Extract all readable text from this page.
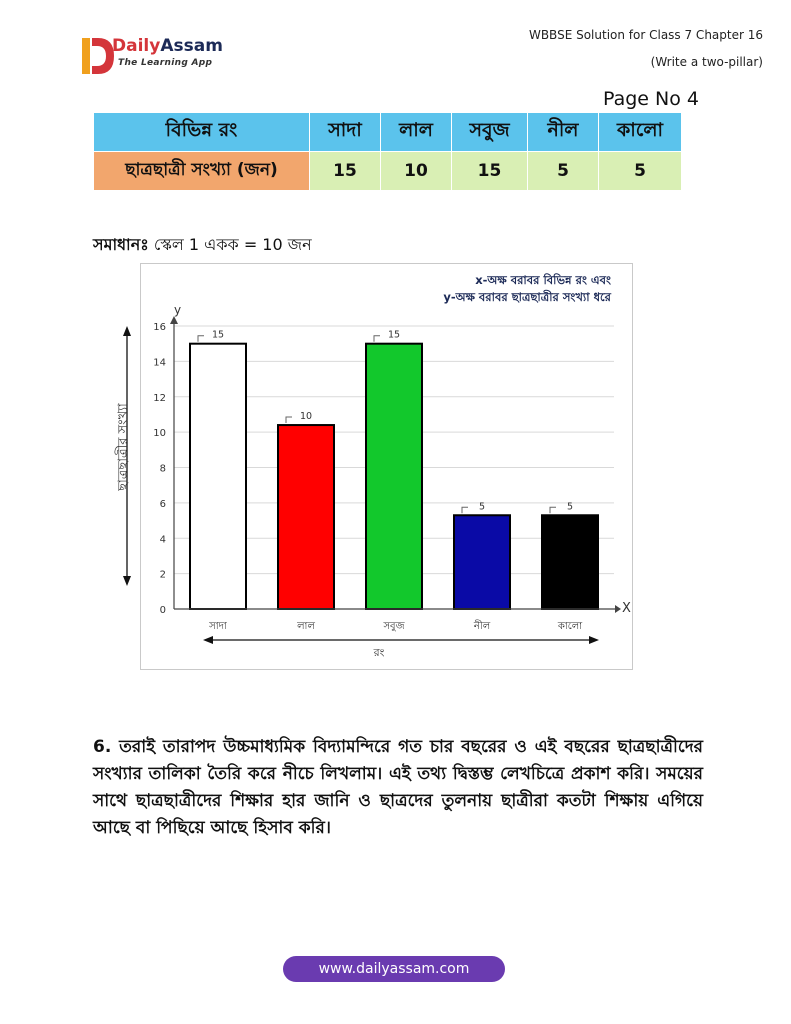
DailyAssam
The Learning App
WBBSE Solution for Class 7 Chapter 16
(Write a two-pillar)
Page No 4
বিভিন্ন রং	সাদা	লাল	সবুজ	নীল	কালো
ছাত্রছাত্রী সংখ্যা (জন)	15	10	15	5	5
সমাধানঃ স্কেল 1 একক = 10 জন
0
2
4
6
8
10
12
14
16
15
সাদা
10
লাল
15
সবুজ
5
নীল
5
কালো
x-অক্ষ বরাবর বিভিন্ন রং এবং
y-অক্ষ বরাবর ছাত্রছাত্রীর সংখ্যা ধরে
y
X
রং
ছাত্রছাত্রীর সংখ্যা
6. তরাই তারাপদ উচ্চমাধ্যমিক বিদ্যামন্দিরে গত চার বছরের ও এই বছরের ছাত্রছাত্রীদের সংখ্যার তালিকা তৈরি করে নীচে লিখলাম। এই তথ্য দ্বিস্তম্ভ লেখচিত্রে প্রকাশ করি। সময়ের সাথে ছাত্রছাত্রীদের শিক্ষার হার জানি ও ছাত্রদের তুলনায় ছাত্রীরা কতটা শিক্ষায় এগিয়ে আছে বা পিছিয়ে আছে হিসাব করি।
www.dailyassam.com
